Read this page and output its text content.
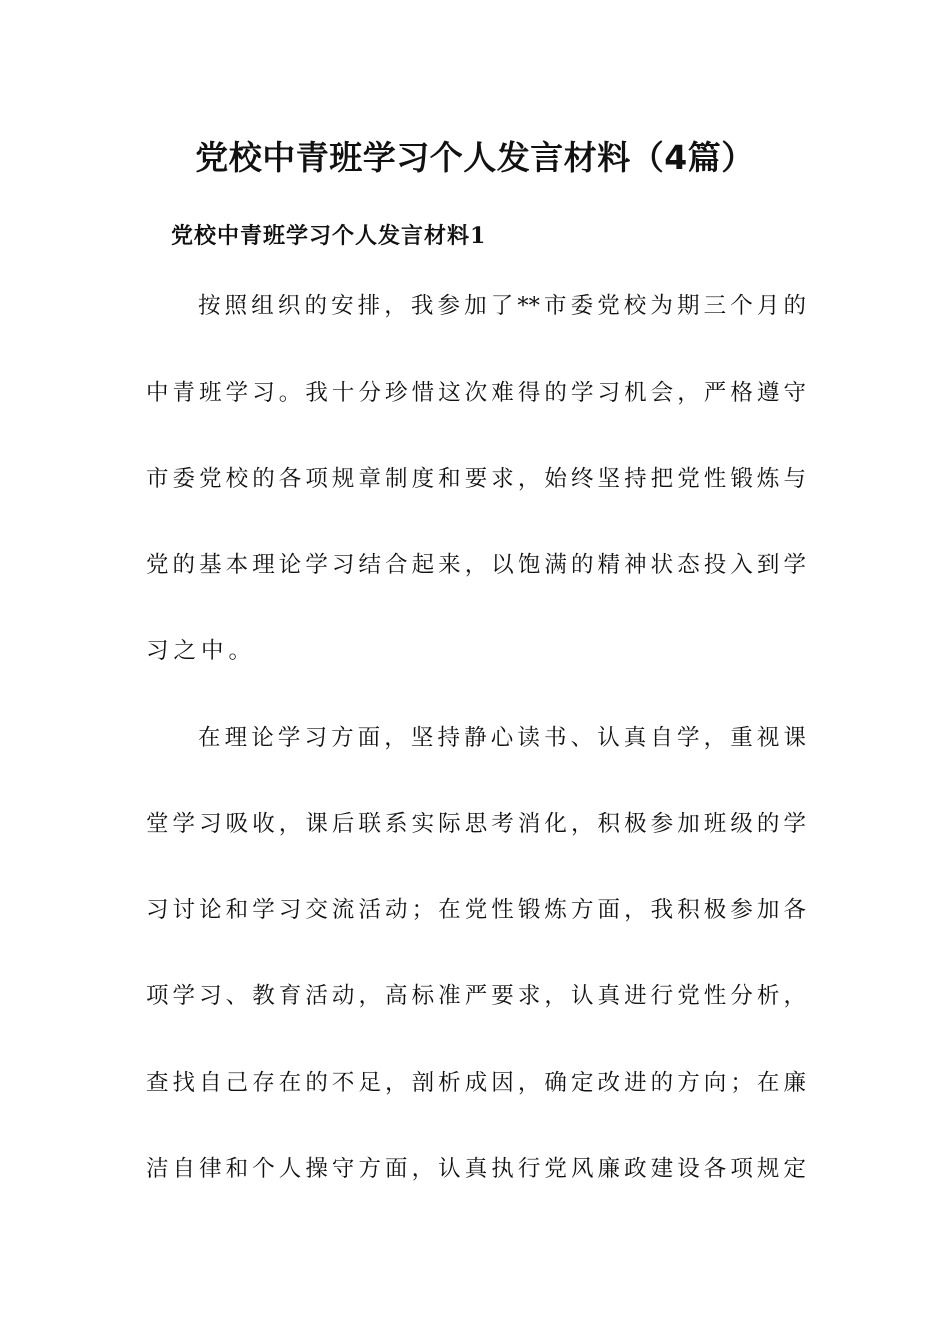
党校中青班学习个人发言材料（4篇）
党校中青班学习个人发言材料1

按照组织的安排，我参加了**市委党校为期三个月的

中青班学习。我十分珍惜这次难得的学习机会，严格遵守

市委党校的各项规章制度和要求，始终坚持把党性锻炼与

党的基本理论学习结合起来，以饱满的精神状态投入到学

习之中。

在理论学习方面，坚持静心读书、认真自学，重视课

堂学习吸收，课后联系实际思考消化，积极参加班级的学

习讨论和学习交流活动；在党性锻炼方面，我积极参加各

项学习、教育活动，高标准严要求，认真进行党性分析，

查找自己存在的不足，剖析成因，确定改进的方向；在廉

洁自律和个人操守方面，认真执行党风廉政建设各项规定
